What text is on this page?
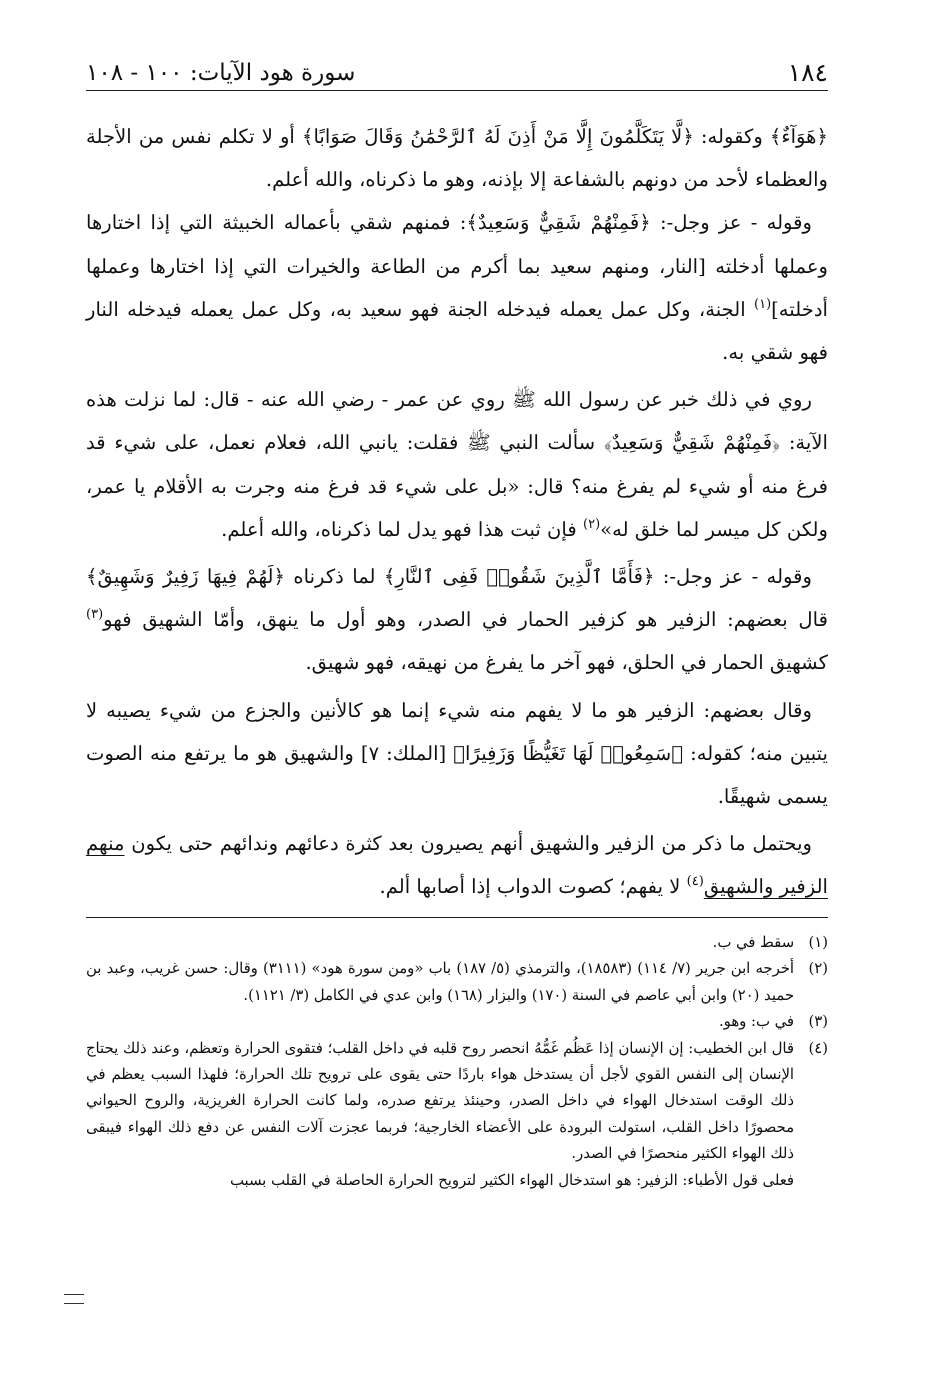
١٨٤
سورة هود الآيات: ١٠٠ - ١٠٨

﴿هَوَآءٌ﴾ وكقوله: ﴿لَّا يَتَكَلَّمُونَ إِلَّا مَنْ أَذِنَ لَهُ ٱلرَّحْمَٰنُ وَقَالَ صَوَابًا﴾ أو لا تكلم نفس من الأجلة والعظماء لأحد من دونهم بالشفاعة إلا بإذنه، وهو ما ذكرناه، والله أعلم.

وقوله - عز وجل-: ﴿فَمِنْهُمْ شَقِيٌّ وَسَعِيدٌ﴾: فمنهم شقي بأعماله الخبيثة التي إذا اختارها وعملها أدخلته [النار، ومنهم سعيد بما أكرم من الطاعة والخيرات التي إذا اختارها وعملها أدخلته]$^{(١)}$ الجنة، وكل عمل يعمله فيدخله الجنة فهو سعيد به، وكل عمل يعمله فيدخله النار فهو شقي به.

روي في ذلك خبر عن رسول الله ﷺ روي عن عمر - رضي الله عنه - قال: لما نزلت هذه الآية: ﴿فَمِنْهُمْ شَقِيٌّ وَسَعِيدٌ﴾ سألت النبي ﷺ فقلت: يانبي الله، فعلام نعمل، على شيء قد فرغ منه أو شيء لم يفرغ منه؟ قال: «بل على شيء قد فرغ منه وجرت به الأقلام يا عمر، ولكن كل ميسر لما خلق له»$^{(٢)}$ فإن ثبت هذا فهو يدل لما ذكرناه، والله أعلم.

وقوله - عز وجل-: ﴿فَأَمَّا ٱلَّذِينَ شَقُوا۟ فَفِى ٱلنَّارِ﴾ لما ذكرناه ﴿لَهُمْ فِيهَا زَفِيرٌ وَشَهِيقٌ﴾ قال بعضهم: الزفير هو كزفير الحمار في الصدر، وهو أول ما ينهق، وأمّا الشهيق فهو$^{(٣)}$ كشهيق الحمار في الحلق، فهو آخر ما يفرغ من نهيقه، فهو شهيق.

وقال بعضهم: الزفير هو ما لا يفهم منه شيء إنما هو كالأنين والجزع من شيء يصيبه لا يتبين منه؛ كقوله: ﴿سَمِعُوا۟ لَهَا تَغَيُّظًا وَزَفِيرًا﴾ [الملك: ٧] والشهيق هو ما يرتفع منه الصوت يسمى شهيقًا.

ويحتمل ما ذكر من الزفير والشهيق أنهم يصيرون بعد كثرة دعائهم وندائهم حتى يكون منهم الزفير والشهيق$^{(٤)}$ لا يفهم؛ كصوت الدواب إذا أصابها ألم.

(١)
سقط في ب.
(٢)
أخرجه ابن جرير (٧/ ١١٤) (١٨٥٨٣)، والترمذي (٥/ ١٨٧) باب «ومن سورة هود» (٣١١١) وقال: حسن غريب، وعبد بن حميد (٢٠) وابن أبي عاصم في السنة (١٧٠) والبزار (١٦٨) وابن عدي في الكامل (٣/ ١١٢١).
(٣)
في ب: وهو.
(٤)
قال ابن الخطيب: إن الإنسان إذا عَظُم غَمُّهُ انحصر روح قلبه في داخل القلب؛ فتقوى الحرارة وتعظم، وعند ذلك يحتاج الإنسان إلى النفس القوي لأجل أن يستدخل هواء باردًا حتى يقوى على ترويح تلك الحرارة؛ فلهذا السبب يعظم في ذلك الوقت استدخال الهواء في داخل الصدر، وحينئذ يرتفع صدره، ولما كانت الحرارة الغريزية، والروح الحيواني محصورًا داخل القلب، استولت البرودة على الأعضاء الخارجية؛ فربما عجزت آلات النفس عن دفع ذلك الهواء فيبقى ذلك الهواء الكثير منحصرًا في الصدر.
فعلى قول الأطباء: الزفير: هو استدخال الهواء الكثير لترويح الحرارة الحاصلة في القلب بسبب
